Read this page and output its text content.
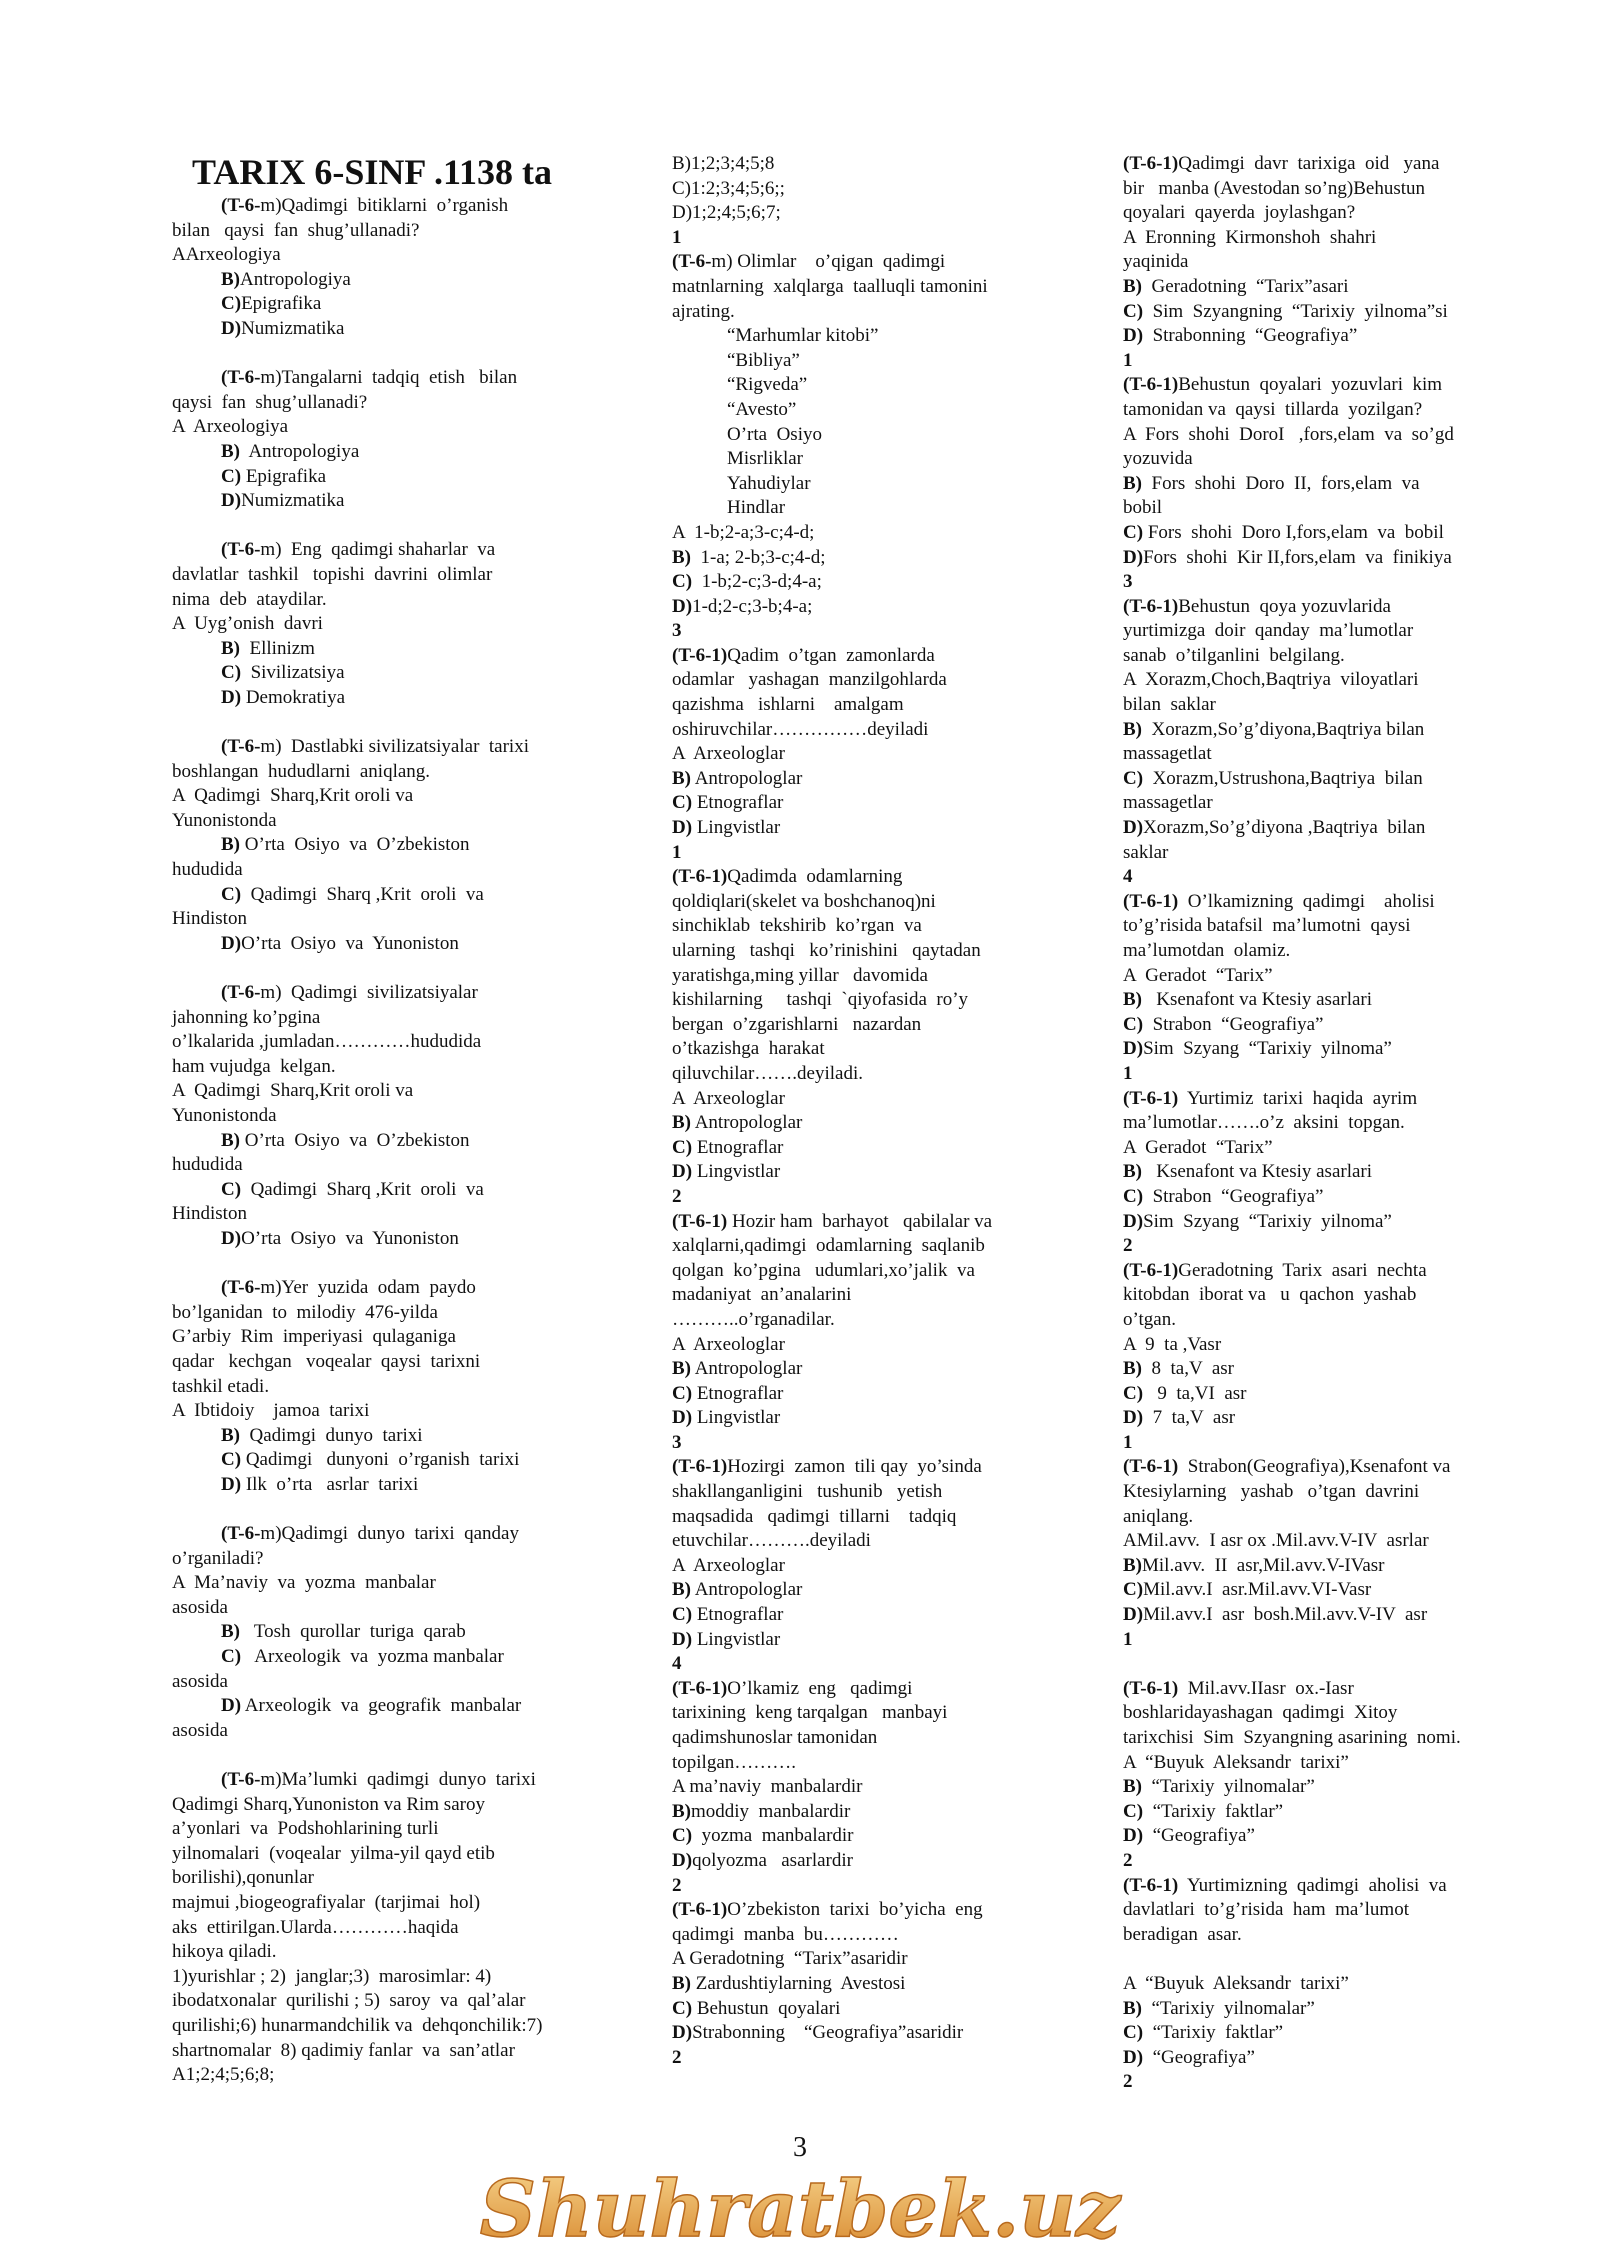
TARIX 6-SINF .1138 ta
(T-6-m)Qadimgi  bitiklarni  o’rganish
bilan   qaysi  fan  shug’ullanadi?
AArxeologiya
B)Antropologiya
C)Epigrafika
D)Numizmatika
(T-6-m)Tangalarni  tadqiq  etish   bilan
qaysi  fan  shug’ullanadi?
A  Arxeologiya
B)  Antropologiya
C) Epigrafika
D)Numizmatika
(T-6-m)  Eng  qadimgi shaharlar  va
davlatlar  tashkil   topishi  davrini  olimlar
nima  deb  ataydilar.
A  Uyg’onish  davri
B)  Ellinizm
C)  Sivilizatsiya
D) Demokratiya
(T-6-m)  Dastlabki sivilizatsiyalar  tarixi
boshlangan  hududlarni  aniqlang.
A  Qadimgi  Sharq,Krit oroli va
Yunonistonda
B) O’rta  Osiyo  va  O’zbekiston
hududida
C)  Qadimgi  Sharq ,Krit  oroli  va
Hindiston
D)O’rta  Osiyo  va  Yunoniston
(T-6-m)  Qadimgi  sivilizatsiyalar
jahonning ko’pgina
o’lkalarida ,jumladan…………hududida
ham vujudga  kelgan.
A  Qadimgi  Sharq,Krit oroli va
Yunonistonda
B) O’rta  Osiyo  va  O’zbekiston
hududida
C)  Qadimgi  Sharq ,Krit  oroli  va
Hindiston
D)O’rta  Osiyo  va  Yunoniston
(T-6-m)Yer  yuzida  odam  paydo
bo’lganidan  to  milodiy  476-yilda
G’arbiy  Rim  imperiyasi  qulaganiga
qadar   kechgan   voqealar  qaysi  tarixni
tashkil etadi.
A  Ibtidoiy    jamoa  tarixi
B)  Qadimgi  dunyo  tarixi
C) Qadimgi   dunyoni  o’rganish  tarixi
D) Ilk  o’rta   asrlar  tarixi
(T-6-m)Qadimgi  dunyo  tarixi  qanday
o’rganiladi?
A  Ma’naviy  va  yozma  manbalar
asosida
B)   Tosh  qurollar  turiga  qarab
C)   Arxeologik  va  yozma manbalar
asosida
D) Arxeologik  va  geografik  manbalar
asosida
(T-6-m)Ma’lumki  qadimgi  dunyo  tarixi
Qadimgi Sharq,Yunoniston va Rim saroy
a’yonlari  va  Podshohlarining turli
yilnomalari  (voqealar  yilma-yil qayd etib
borilishi),qonunlar
majmui ,biogeografiyalar  (tarjimai  hol)
aks  ettirilgan.Ularda…………haqida
hikoya qiladi.
1)yurishlar ; 2)  janglar;3)  marosimlar: 4)
ibodatxonalar  qurilishi ; 5)  saroy  va  qal’alar
qurilishi;6) hunarmandchilik va  dehqonchilik:7)
shartnomalar  8) qadimiy fanlar  va  san’atlar
A1;2;4;5;6;8;
B)1;2;3;4;5;8
C)1:2;3;4;5;6;;
D)1;2;4;5;6;7;
1
(T-6-m) Olimlar    o’qigan  qadimgi
matnlarning  xalqlarga  taalluqli tamonini
ajrating.
“Marhumlar kitobi”
“Bibliya”
“Rigveda”
“Avesto”
O’rta  Osiyo
Misrliklar
Yahudiylar
Hindlar
A  1-b;2-a;3-c;4-d;
B)  1-a; 2-b;3-c;4-d;
C)  1-b;2-c;3-d;4-a;
D)1-d;2-c;3-b;4-a;
3
(T-6-1)Qadim  o’tgan  zamonlarda
odamlar   yashagan  manzilgohlarda
qazishma   ishlarni    amalgam
oshiruvchilar……………deyiladi
A  Arxeologlar
B) Antropologlar
C) Etnograflar
D) Lingvistlar
1
(T-6-1)Qadimda  odamlarning
qoldiqlari(skelet va boshchanoq)ni
sinchiklab  tekshirib  ko’rgan  va
ularning   tashqi   ko’rinishini   qaytadan
yaratishga,ming yillar   davomida
kishilarning     tashqi  `qiyofasida  ro’y
bergan  o’zgarishlarni   nazardan
o’tkazishga  harakat
qiluvchilar…….deyiladi.
A  Arxeologlar
B) Antropologlar
C) Etnograflar
D) Lingvistlar
2
(T-6-1) Hozir ham  barhayot   qabilalar va
xalqlarni,qadimgi  odamlarning  saqlanib
qolgan  ko’pgina   udumlari,xo’jalik  va
madaniyat  an’analarini
………..o’rganadilar.
A  Arxeologlar
B) Antropologlar
C) Etnograflar
D) Lingvistlar
3
(T-6-1)Hozirgi  zamon  tili qay  yo’sinda
shakllanganligini   tushunib   yetish
maqsadida   qadimgi  tillarni    tadqiq
etuvchilar……….deyiladi
A  Arxeologlar
B) Antropologlar
C) Etnograflar
D) Lingvistlar
4
(T-6-1)O’lkamiz  eng   qadimgi
tarixining  keng tarqalgan   manbayi
qadimshunoslar tamonidan
topilgan……….
A ma’naviy  manbalardir
B)moddiy  manbalardir
C)  yozma  manbalardir
D)qolyozma   asarlardir
2
(T-6-1)O’zbekiston  tarixi  bo’yicha  eng
qadimgi  manba  bu…………
A Geradotning  “Tarix”asaridir
B) Zardushtiylarning  Avestosi
C) Behustun  qoyalari
D)Strabonning    “Geografiya”asaridir
2
(T-6-1)Qadimgi  davr  tarixiga  oid   yana
bir   manba (Avestodan so’ng)Behustun
qoyalari  qayerda  joylashgan?
A  Eronning  Kirmonshoh  shahri
yaqinida
B)  Geradotning  “Tarix”asari
C)  Sim  Szyangning  “Tarixiy  yilnoma”si
D)  Strabonning  “Geografiya”
1
(T-6-1)Behustun  qoyalari  yozuvlari  kim
tamonidan va  qaysi  tillarda  yozilgan?
A  Fors  shohi  DoroI   ,fors,elam  va  so’gd
yozuvida
B)  Fors  shohi  Doro  II,  fors,elam  va
bobil
C) Fors  shohi  Doro I,fors,elam  va  bobil
D)Fors  shohi  Kir II,fors,elam  va  finikiya
3
(T-6-1)Behustun  qoya yozuvlarida
yurtimizga  doir  qanday  ma’lumotlar
sanab  o’tilganlini  belgilang.
A  Xorazm,Choch,Baqtriya  viloyatlari
bilan  saklar
B)  Xorazm,So’g’diyona,Baqtriya bilan
massagetlat
C)  Xorazm,Ustrushona,Baqtriya  bilan
massagetlar
D)Xorazm,So’g’diyona ,Baqtriya  bilan
saklar
4
(T-6-1)  O’lkamizning  qadimgi    aholisi
to’g’risida batafsil  ma’lumotni  qaysi
ma’lumotdan  olamiz.
A  Geradot  “Tarix”
B)   Ksenafont va Ktesiy asarlari
C)  Strabon  “Geografiya”
D)Sim  Szyang  “Tarixiy  yilnoma”
1
(T-6-1)  Yurtimiz  tarixi  haqida  ayrim
ma’lumotlar…….o’z  aksini  topgan.
A  Geradot  “Tarix”
B)   Ksenafont va Ktesiy asarlari
C)  Strabon  “Geografiya”
D)Sim  Szyang  “Tarixiy  yilnoma”
2
(T-6-1)Geradotning  Tarix  asari  nechta
kitobdan  iborat va   u  qachon  yashab
o’tgan.
A  9  ta ,Vasr
B)  8  ta,V  asr
C)   9  ta,VI  asr
D)  7  ta,V  asr
1
(T-6-1)  Strabon(Geografiya),Ksenafont va
Ktesiylarning   yashab   o’tgan  davrini
aniqlang.
AMil.avv.  I asr ox .Mil.avv.V-IV  asrlar
B)Mil.avv.  II  asr,Mil.avv.V-IVasr
C)Mil.avv.I  asr.Mil.avv.VI-Vasr
D)Mil.avv.I  asr  bosh.Mil.avv.V-IV  asr
1
(T-6-1)  Mil.avv.IIasr  ox.-Iasr
boshlaridayashagan  qadimgi  Xitoy
tarixchisi  Sim  Szyangning asarining  nomi.
A  “Buyuk  Aleksandr  tarixi”
B)  “Tarixiy  yilnomalar”
C)  “Tarixiy  faktlar”
D)  “Geografiya”
2
(T-6-1)  Yurtimizning  qadimgi  aholisi  va
davlatlari  to’g’risida  ham  ma’lumot
beradigan  asar.
A  “Buyuk  Aleksandr  tarixi”
B)  “Tarixiy  yilnomalar”
C)  “Tarixiy  faktlar”
D)  “Geografiya”
2
3
Shuhratbek.uz
